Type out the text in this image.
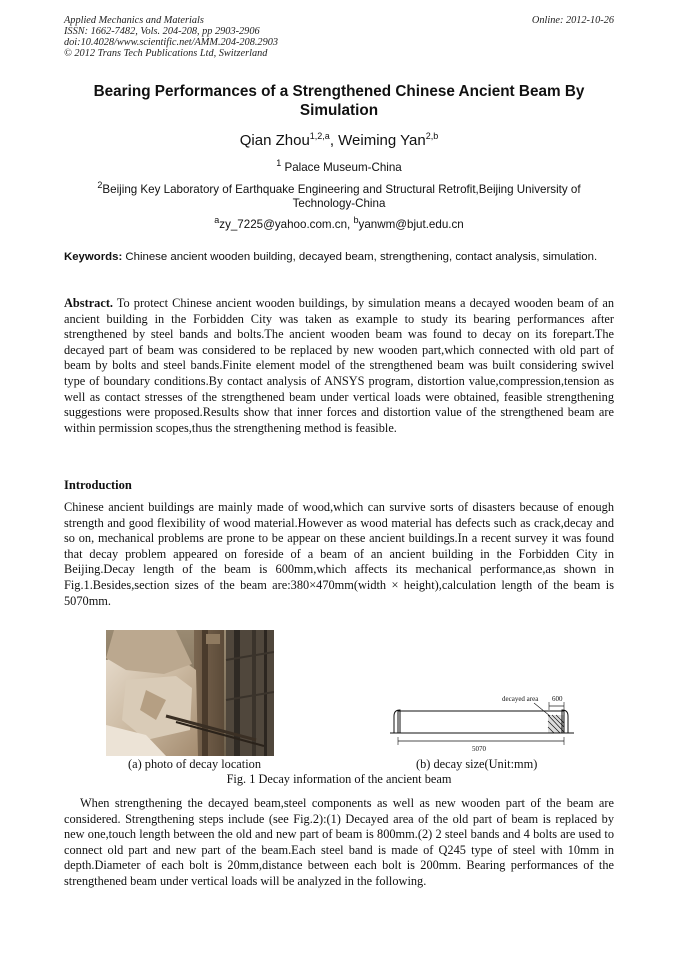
Applied Mechanics and Materials
ISSN: 1662-7482, Vols. 204-208, pp 2903-2906
doi:10.4028/www.scientific.net/AMM.204-208.2903
© 2012 Trans Tech Publications Ltd, Switzerland
Online: 2012-10-26
Bearing Performances of a Strengthened Chinese Ancient Beam By
Simulation
Qian Zhou$^{1,2,a}$, Weiming Yan$^{2,b}$
$^1$ Palace Museum-China
$^2$Beijing Key Laboratory of Earthquake Engineering and Structural Retrofit,Beijing University of
Technology-China
$^a$zy_7225@yahoo.com.cn, $^b$yanwm@bjut.edu.cn
Keywords: Chinese ancient wooden building, decayed beam, strengthening, contact analysis, simulation.
Abstract. To protect Chinese ancient wooden buildings, by simulation means a decayed wooden beam of an ancient building in the Forbidden City was taken as example to study its bearing performances after strengthened by steel bands and bolts.The ancient wooden beam was found to decay on its forepart.The decayed part of beam was considered to be replaced by new wooden part,which connected with old part of beam by bolts and steel bands.Finite element model of the strengthened beam was built considering swivel type of boundary conditions.By contact analysis of ANSYS program, distortion value,compression,tension as well as contact stresses of the strengthened beam under vertical loads were obtained, feasible strengthening suggestions were proposed.Results show that inner forces and distortion value of the strengthened beam are within permission scopes,thus the strengthening method is feasible.
Introduction
Chinese ancient buildings are mainly made of wood,which can survive sorts of disasters because of enough strength and good flexibility of wood material.However as wood material has defects such as crack,decay and so on, mechanical problems are prone to be appear on these ancient buildings.In a recent survey it was found that decay problem appeared on foreside of a beam of an ancient building in the Forbidden City in Beijing.Decay length of the beam is 600mm,which affects its mechanical performance,as shown in Fig.1.Besides,section sizes of the beam are:380×470mm(width × height),calculation length of the beam is 5070mm.
decayed area 600
5070
(a) photo of decay location	(b) decay size(Unit:mm)
Fig. 1 Decay information of the ancient beam
When strengthening the decayed beam,steel components as well as new wooden part of the beam are considered. Strengthening steps include (see Fig.2):(1) Decayed area of the old part of beam is replaced by new one,touch length between the old and new part of beam is 800mm.(2) 2 steel bands and 4 bolts are used to connect old part and new part of the beam.Each steel band is made of Q245 type of steel with 10mm in depth.Diameter of each bolt is 20mm,distance between each bolt is 200mm. Bearing performances of the strengthened beam under vertical loads will be analyzed in the following.
